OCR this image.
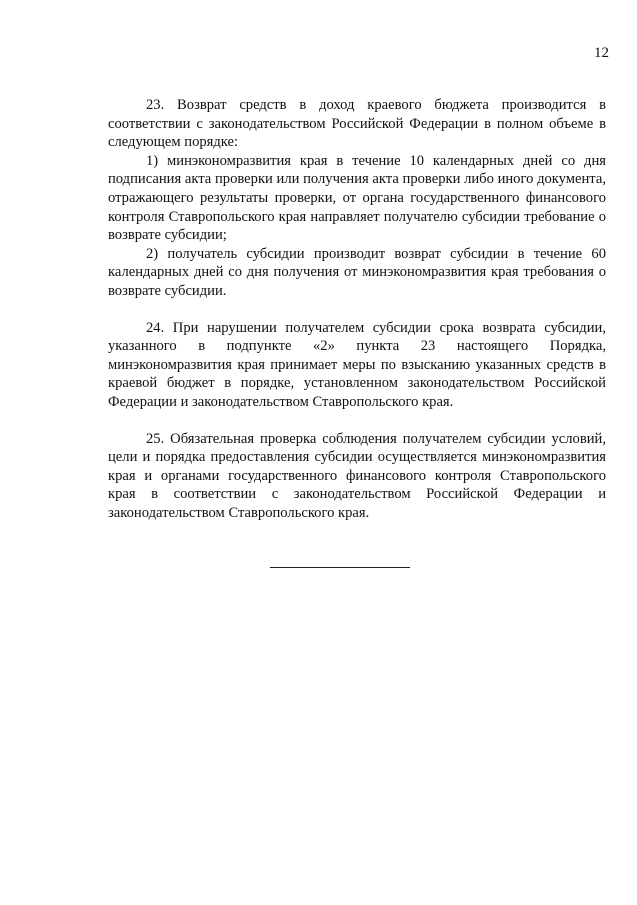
12

23. Возврат средств в доход краевого бюджета производится в соответствии с законодательством Российской Федерации в полном объеме в следующем порядке:

1) минэкономразвития края в течение 10 календарных дней со дня подписания акта проверки или получения акта проверки либо иного документа, отражающего результаты проверки, от органа государственного финансового контроля Ставропольского края направляет получателю субсидии требование о возврате субсидии;

2) получатель субсидии производит возврат субсидии в течение 60 календарных дней со дня получения от минэкономразвития края требования о возврате субсидии.

24. При нарушении получателем субсидии срока возврата субсидии, указанного в подпункте «2» пункта 23 настоящего Порядка, минэкономразвития края принимает меры по взысканию указанных средств в краевой бюджет в порядке, установленном законодательством Российской Федерации и законодательством Ставропольского края.

25. Обязательная проверка соблюдения получателем субсидии условий, цели и порядка предоставления субсидии осуществляется минэкономразвития края и органами государственного финансового контроля Ставропольского края в соответствии с законодательством Российской Федерации и законодательством Ставропольского края.
